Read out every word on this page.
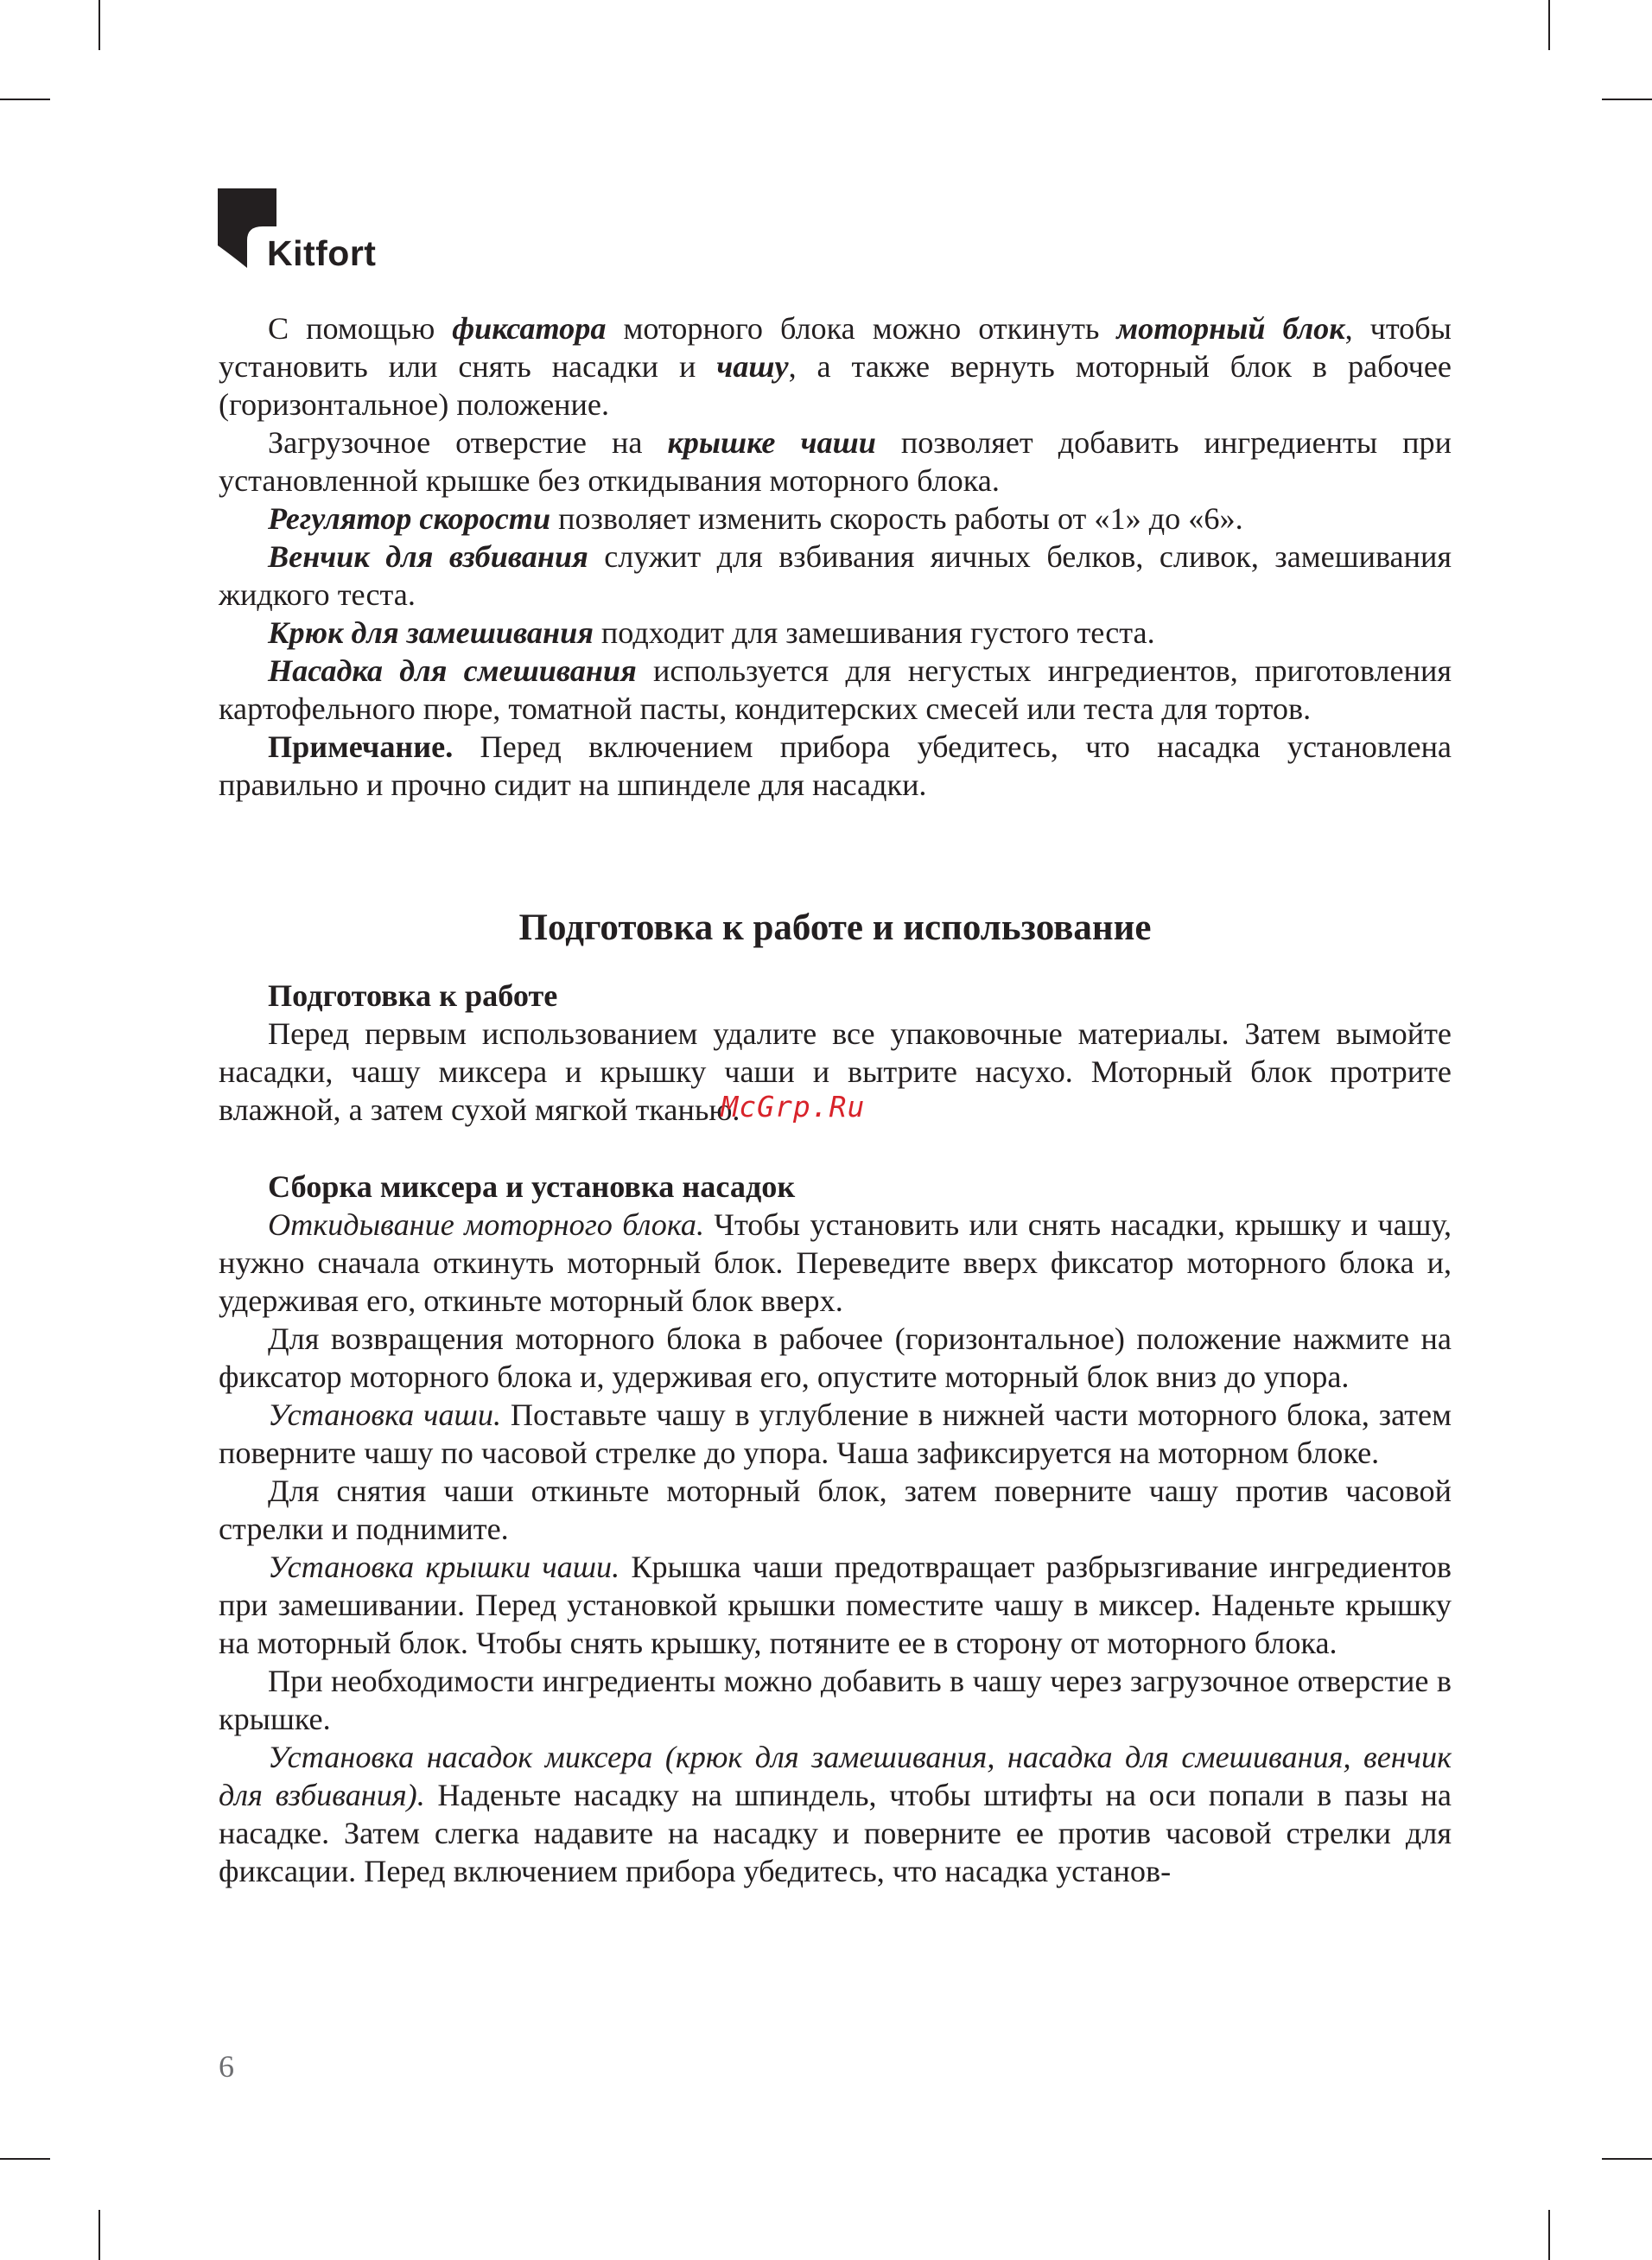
Kitfort

С помощью фиксатора моторного блока можно откинуть моторный блок, чтобы установить или снять насадки и чашу, а также вернуть моторный блок в рабочее (горизонтальное) положение.

Загрузочное отверстие на крышке чаши позволяет добавить ингредиенты при установленной крышке без откидывания моторного блока.

Регулятор скорости позволяет изменить скорость работы от «1» до «6».

Венчик для взбивания служит для взбивания яичных белков, сливок, замешивания жидкого теста.

Крюк для замешивания подходит для замешивания густого теста.

Насадка для смешивания используется для негустых ингредиентов, приготовления картофельного пюре, томатной пасты, кондитерских смесей или теста для тортов.

Примечание. Перед включением прибора убедитесь, что насадка установлена правильно и прочно сидит на шпинделе для насадки.

Подготовка к работе и использование

Подготовка к работе

Перед первым использованием удалите все упаковочные материалы. Затем вымойте насадки, чашу миксера и крышку чаши и вытрите насухо. Моторный блок протрите влажной, а затем сухой мягкой тканью.McGrp.Ru

Сборка миксера и установка насадок

Откидывание моторного блока. Чтобы установить или снять насадки, крышку и чашу, нужно сначала откинуть моторный блок. Переведите вверх фиксатор моторного блока и, удерживая его, откиньте моторный блок вверх.

Для возвращения моторного блока в рабочее (горизонтальное) положение нажмите на фиксатор моторного блока и, удерживая его, опустите моторный блок вниз до упора.

Установка чаши. Поставьте чашу в углубление в нижней части моторного блока, затем поверните чашу по часовой стрелке до упора. Чаша зафиксируется на моторном блоке.

Для снятия чаши откиньте моторный блок, затем поверните чашу против часовой стрелки и поднимите.

Установка крышки чаши. Крышка чаши предотвращает разбрызгивание ингредиентов при замешивании. Перед установкой крышки поместите чашу в миксер. Наденьте крышку на моторный блок. Чтобы снять крышку, потяните ее в сторону от моторного блока.

При необходимости ингредиенты можно добавить в чашу через загрузочное отверстие в крышке.

Установка насадок миксера (крюк для замешивания, насадка для смешивания, венчик для взбивания). Наденьте насадку на шпиндель, чтобы штифты на оси попали в пазы на насадке. Затем слегка надавите на насадку и поверните ее против часовой стрелки для фиксации. Перед включением прибора убедитесь, что насадка установ-

6
